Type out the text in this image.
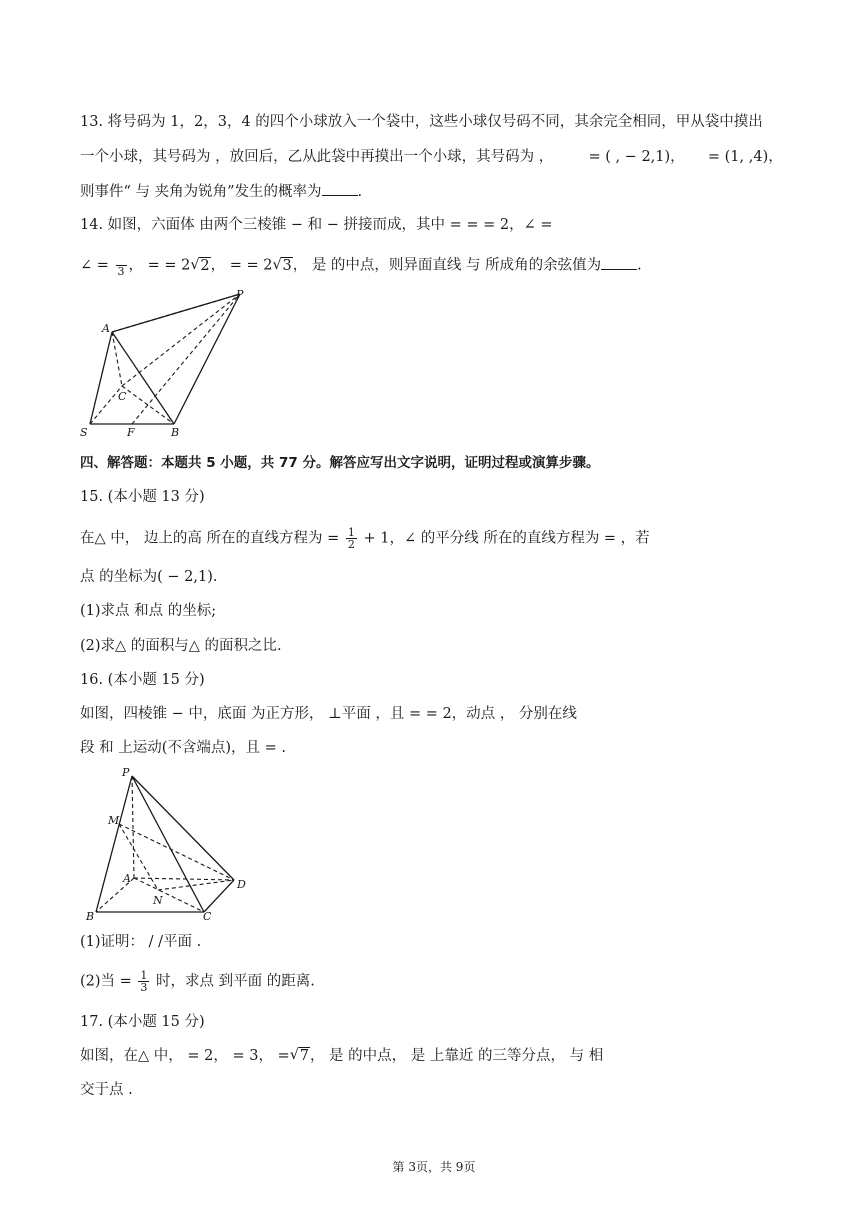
13. 将号码为 1，2，3，4 的四个小球放入一个袋中，这些小球仅号码不同，其余完全相同，甲从袋中摸出
一个小球，其号码为 ，放回后，乙从此袋中再摸出一个小球，其号码为 ， = ( , − 2,1)， = (1, ,4)，
则事件“ 与 夹角为锐角”发生的概率为 .
14. 如图，六面体 由两个三棱锥 − 和 − 拼接而成，其中 = = = 2，∠ =
∠ =
3 ， = = 2 √ 2， = = 2 √ 3， 是 的中点，则异面直线 与 所成角的余弦值为 .
A
P
C
S	F	B
四、解答题：本题共 5 小题，共 77 分。解答应写出文字说明，证明过程或演算步骤。
15. (本小题 13 分)
在△ 中， 边上的高 所在的直线方程为 = $\frac{1}{2} + 1$，∠ 的平分线 所在的直线方程为 = ，若
点 的坐标为( − 2,1).
(1)求点 和点 的坐标;
(2)求△ 的面积与△ 的面积之比.
16. (本小题 15 分)
如图，四棱锥 − 中，底面 为正方形， ⊥平面 ，且 = = 2，动点 ， 分别在线
段 和 上运动(不含端点)，且 = .
P
M
A
N
D
B	C
(1)证明： / /平面 .
(2)当 = $\frac{1}{3}$ 时，求点 到平面 的距离.
17. (本小题 15 分)
如图，在△ 中， = 2， = 3， = √ 7， 是 的中点， 是 上靠近 的三等分点， 与 相
交于点 .
第 3页，共 9页
